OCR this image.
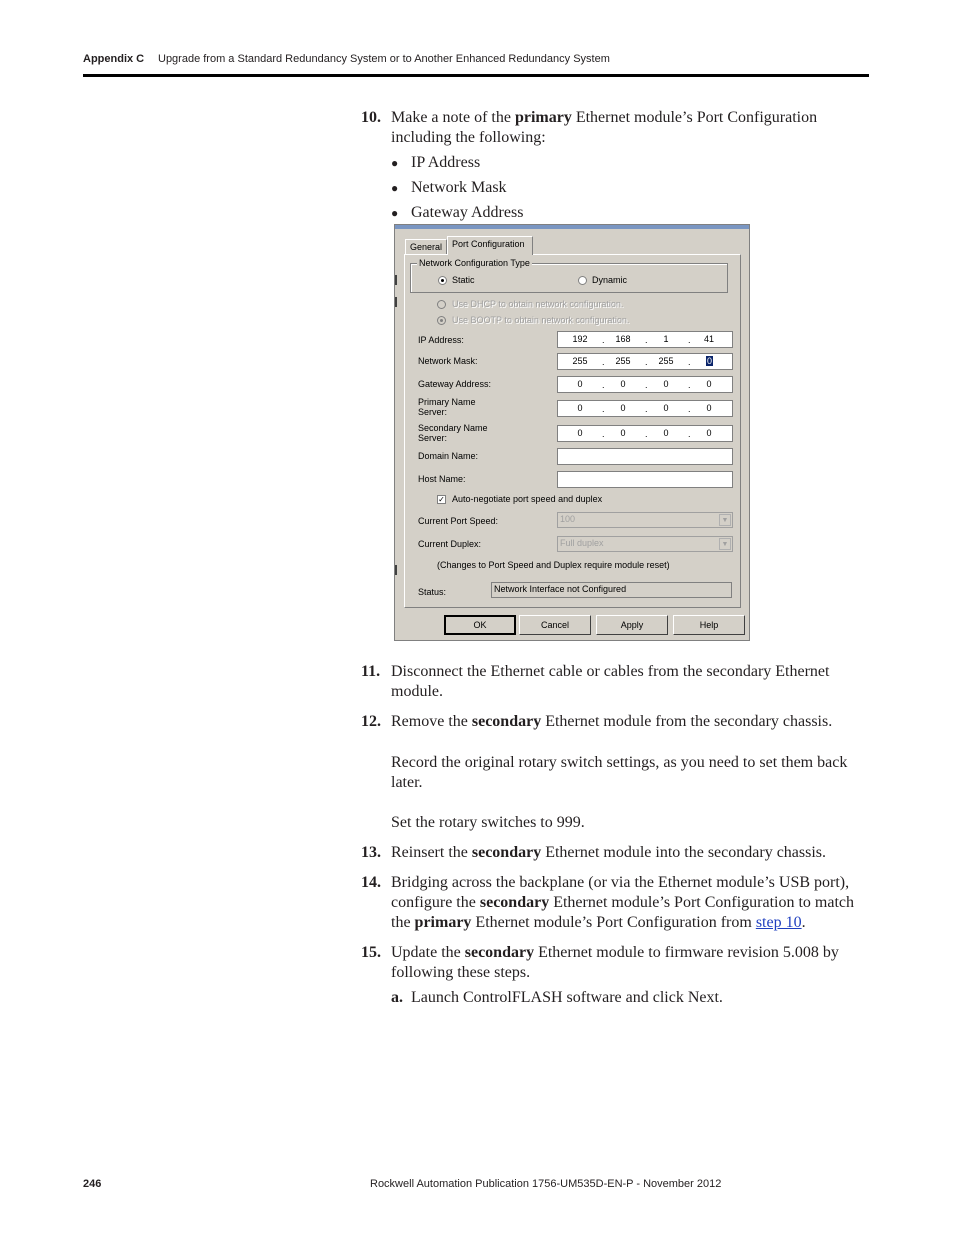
Appendix C Upgrade from a Standard Redundancy System or to Another Enhanced Redundancy System
10. Make a note of the primary Ethernet module’s Port Configuration including the following:
● IP Address
● Network Mask
● Gateway Address
General	Port Configuration
Network Configuration Type
Static	Dynamic
Use DHCP to obtain network configuration.
Use BOOTP to obtain network configuration.
IP Address:	192	.	168	.	1	.	41
Network Mask:	255	.	255	.	255	. 0
Gateway Address:	0	.	0	.	0	.	0
Primary Name
Server:	0	.	0	.	0	.	0
Secondary Name
Server:	0	.	0	.	0	.	0
Domain Name:
Host Name:
✓ Auto-negotiate port speed and duplex
Current Port Speed:	100	▼
Current Duplex:	Full duplex	▼
(Changes to Port Speed and Duplex require module reset)
Status:	Network Interface not Configured
OK	Cancel	Apply	Help
11. Disconnect the Ethernet cable or cables from the secondary Ethernet module.
12. Remove the secondary Ethernet module from the secondary chassis.
Record the original rotary switch settings, as you need to set them back later.
Set the rotary switches to 999.
13. Reinsert the secondary Ethernet module into the secondary chassis.
14. Bridging across the backplane (or via the Ethernet module’s USB port), configure the secondary Ethernet module’s Port Configuration to match the primary Ethernet module’s Port Configuration from step 10.
15. Update the secondary Ethernet module to firmware revision 5.008 by following these steps.
a. Launch ControlFLASH software and click Next.
246	Rockwell Automation Publication 1756-UM535D-EN-P - November 2012
